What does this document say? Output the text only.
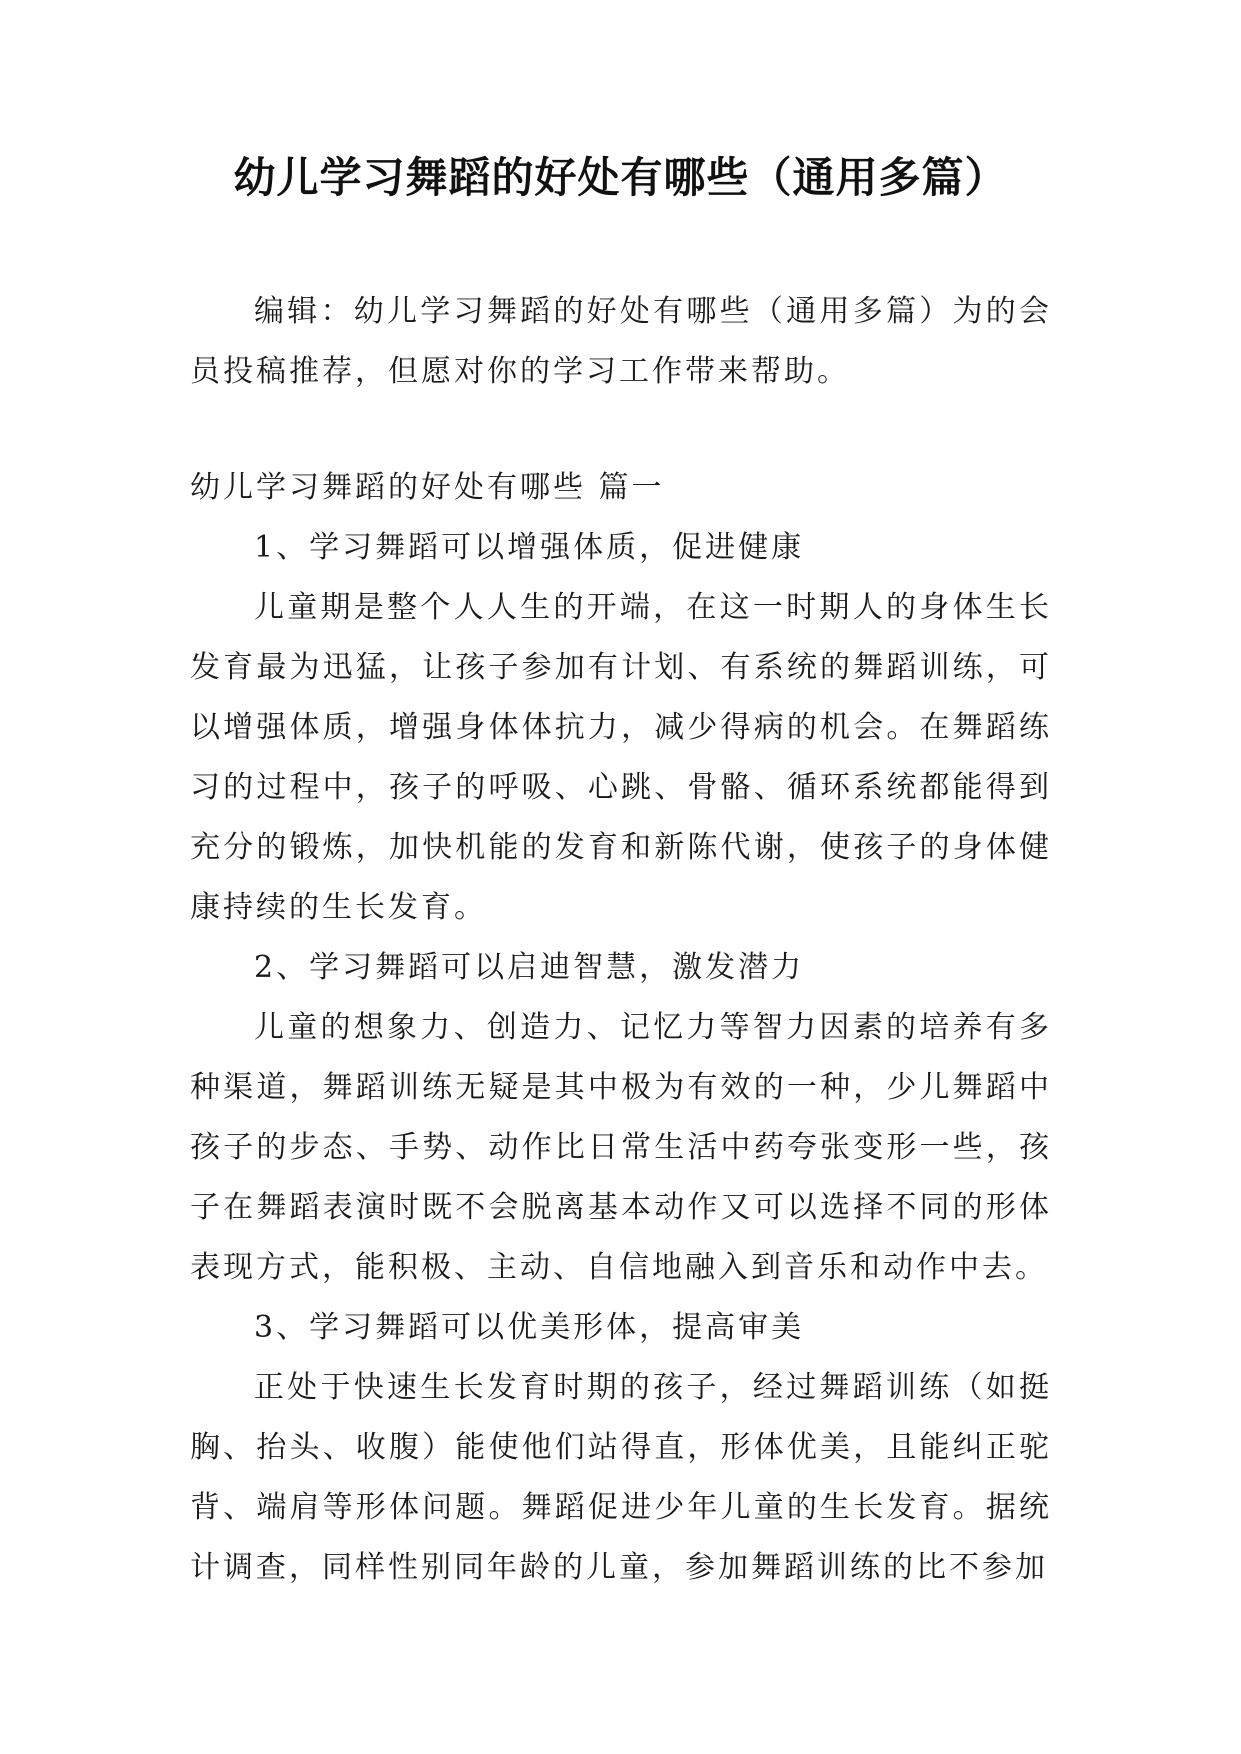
幼儿学习舞蹈的好处有哪些（通用多篇）

编辑：幼儿学习舞蹈的好处有哪些（通用多篇）为的会员投稿推荐，但愿对你的学习工作带来帮助。

幼儿学习舞蹈的好处有哪些 篇一

1、学习舞蹈可以增强体质，促进健康

儿童期是整个人人生的开端，在这一时期人的身体生长发育最为迅猛，让孩子参加有计划、有系统的舞蹈训练，可以增强体质，增强身体体抗力，减少得病的机会。在舞蹈练习的过程中，孩子的呼吸、心跳、骨骼、循环系统都能得到充分的锻炼，加快机能的发育和新陈代谢，使孩子的身体健康持续的生长发育。

2、学习舞蹈可以启迪智慧，激发潜力

儿童的想象力、创造力、记忆力等智力因素的培养有多种渠道，舞蹈训练无疑是其中极为有效的一种，少儿舞蹈中孩子的步态、手势、动作比日常生活中药夸张变形一些，孩子在舞蹈表演时既不会脱离基本动作又可以选择不同的形体表现方式，能积极、主动、自信地融入到音乐和动作中去。

3、学习舞蹈可以优美形体，提高审美

正处于快速生长发育时期的孩子，经过舞蹈训练（如挺胸、抬头、收腹）能使他们站得直，形体优美，且能纠正驼背、端肩等形体问题。舞蹈促进少年儿童的生长发育。据统计调查，同样性别同年龄的儿童，参加舞蹈训练的比不参加
